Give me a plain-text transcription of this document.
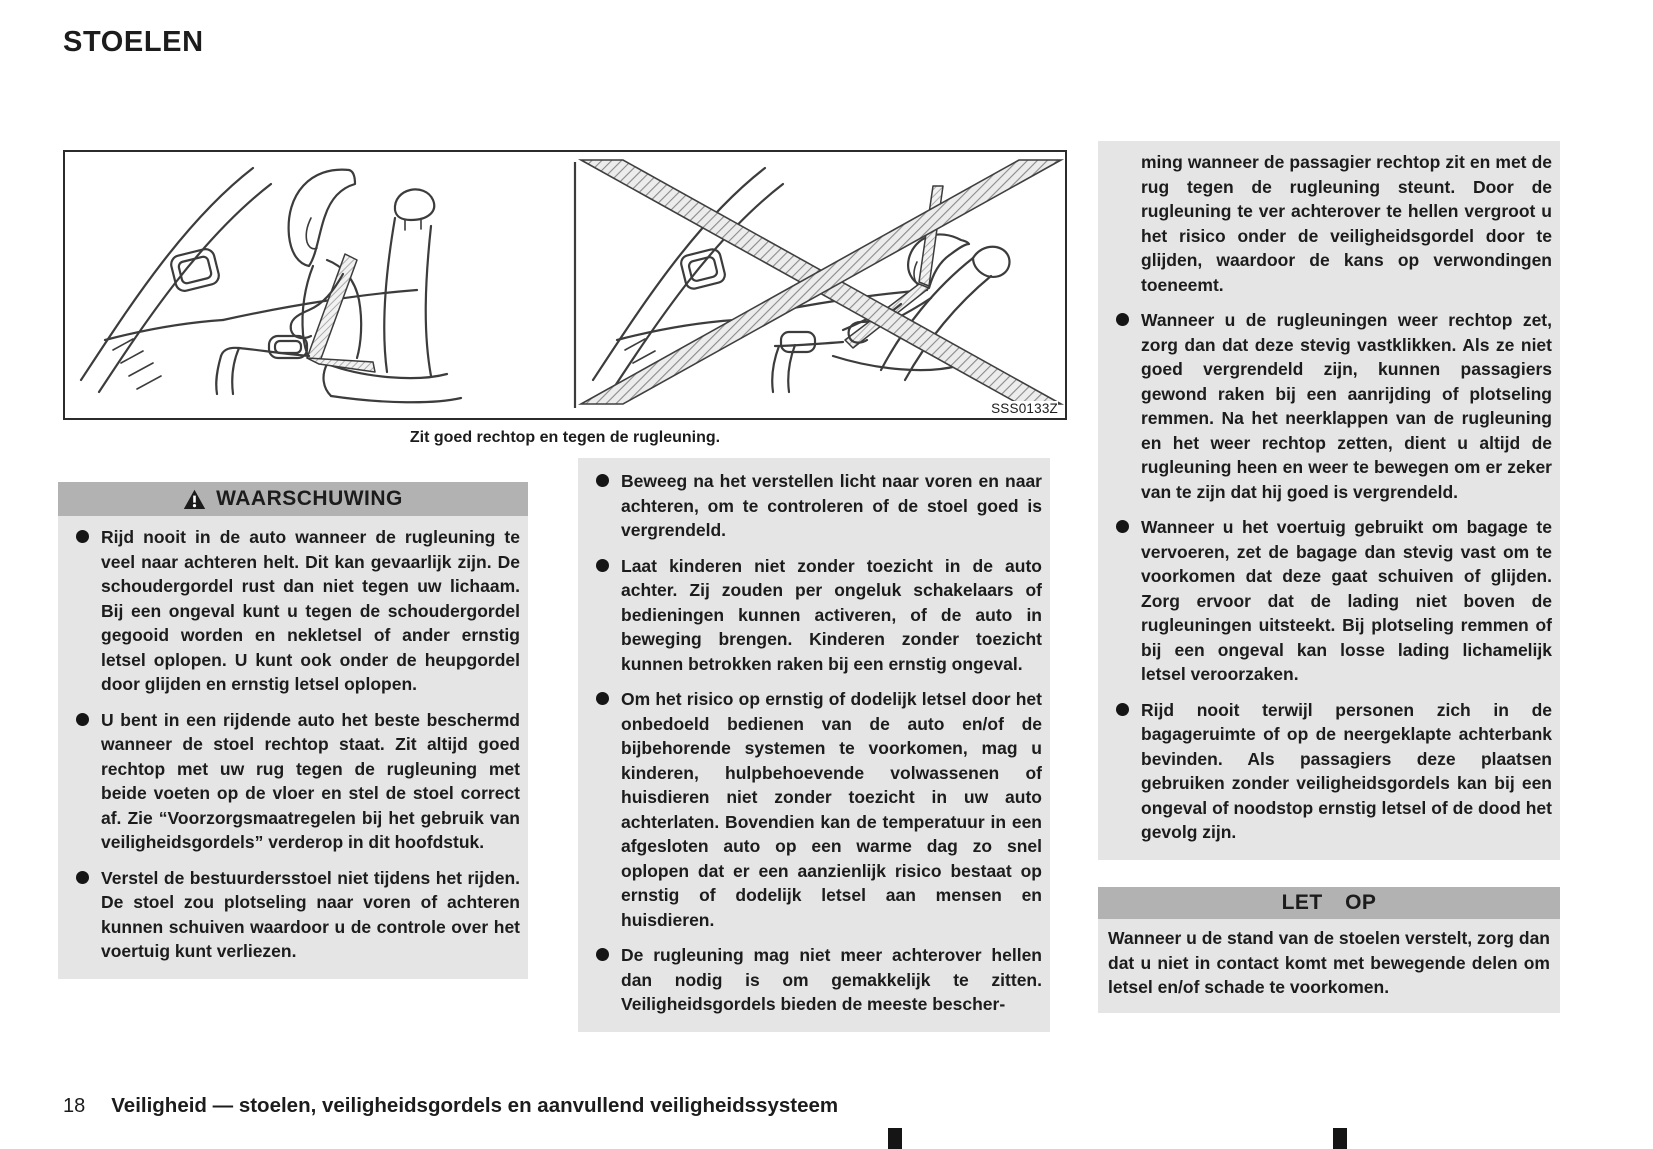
STOELEN
SSS0133Z
Zit goed rechtop en tegen de rugleuning.
WAARSCHUWING

Rijd nooit in de auto wanneer de rugleuning te veel naar achteren helt. Dit kan gevaarlijk zijn. De schoudergordel rust dan niet tegen uw lichaam. Bij een ongeval kunt u tegen de schoudergordel gegooid worden en nekletsel of ander ernstig letsel oplopen. U kunt ook onder de heupgordel door glijden en ernstig letsel oplopen.

U bent in een rijdende auto het beste beschermd wanneer de stoel rechtop staat. Zit altijd goed rechtop met uw rug tegen de rugleuning met beide voeten op de vloer en stel de stoel correct af. Zie “Voorzorgsmaatregelen bij het gebruik van veiligheidsgordels” verderop in dit hoofdstuk.

Verstel de bestuurdersstoel niet tijdens het rijden. De stoel zou plotseling naar voren of achteren kunnen schuiven waardoor u de controle over het voertuig kunt verliezen.

Beweeg na het verstellen licht naar voren en naar achteren, om te controleren of de stoel goed is vergrendeld.

Laat kinderen niet zonder toezicht in de auto achter. Zij zouden per ongeluk schakelaars of bedieningen kunnen activeren, of de auto in beweging brengen. Kinderen zonder toezicht kunnen betrokken raken bij een ernstig ongeval.

Om het risico op ernstig of dodelijk letsel door het onbedoeld bedienen van de auto en/of de bijbehorende systemen te voorkomen, mag u kinderen, hulpbehoevende volwassenen of huisdieren niet zonder toezicht in uw auto achterlaten. Bovendien kan de temperatuur in een afgesloten auto op een warme dag zo snel oplopen dat er een aanzienlijk risico bestaat op ernstig of dodelijk letsel aan mensen en huisdieren.

De rugleuning mag niet meer achterover hellen dan nodig is om gemakkelijk te zitten. Veiligheidsgordels bieden de meeste bescher-

ming wanneer de passagier rechtop zit en met de rug tegen de rugleuning steunt. Door de rugleuning te ver achterover te hellen vergroot u het risico onder de veiligheidsgordel door te glijden, waardoor de kans op verwondingen toeneemt.

Wanneer u de rugleuningen weer rechtop zet, zorg dan dat deze stevig vastklikken. Als ze niet goed vergrendeld zijn, kunnen passagiers gewond raken bij een aanrijding of plotseling remmen. Na het neerklappen van de rugleuning en het weer rechtop zetten, dient u altijd de rugleuning heen en weer te bewegen om er zeker van te zijn dat hij goed is vergrendeld.

Wanneer u het voertuig gebruikt om bagage te vervoeren, zet de bagage dan stevig vast om te voorkomen dat deze gaat schuiven of glijden. Zorg ervoor dat de lading niet boven de rugleuningen uitsteekt. Bij plotseling remmen of bij een ongeval kan losse lading lichamelijk letsel veroorzaken.

Rijd nooit terwijl personen zich in de bagageruimte of op de neergeklapte achterbank bevinden. Als passagiers deze plaatsen gebruiken zonder veiligheidsgordels kan bij een ongeval of noodstop ernstig letsel of de dood het gevolg zijn.

LET OP

Wanneer u de stand van de stoelen verstelt, zorg dan dat u niet in contact komt met bewegende delen om letsel en/of schade te voorkomen.

18 Veiligheid — stoelen, veiligheidsgordels en aanvullend veiligheidssysteem
